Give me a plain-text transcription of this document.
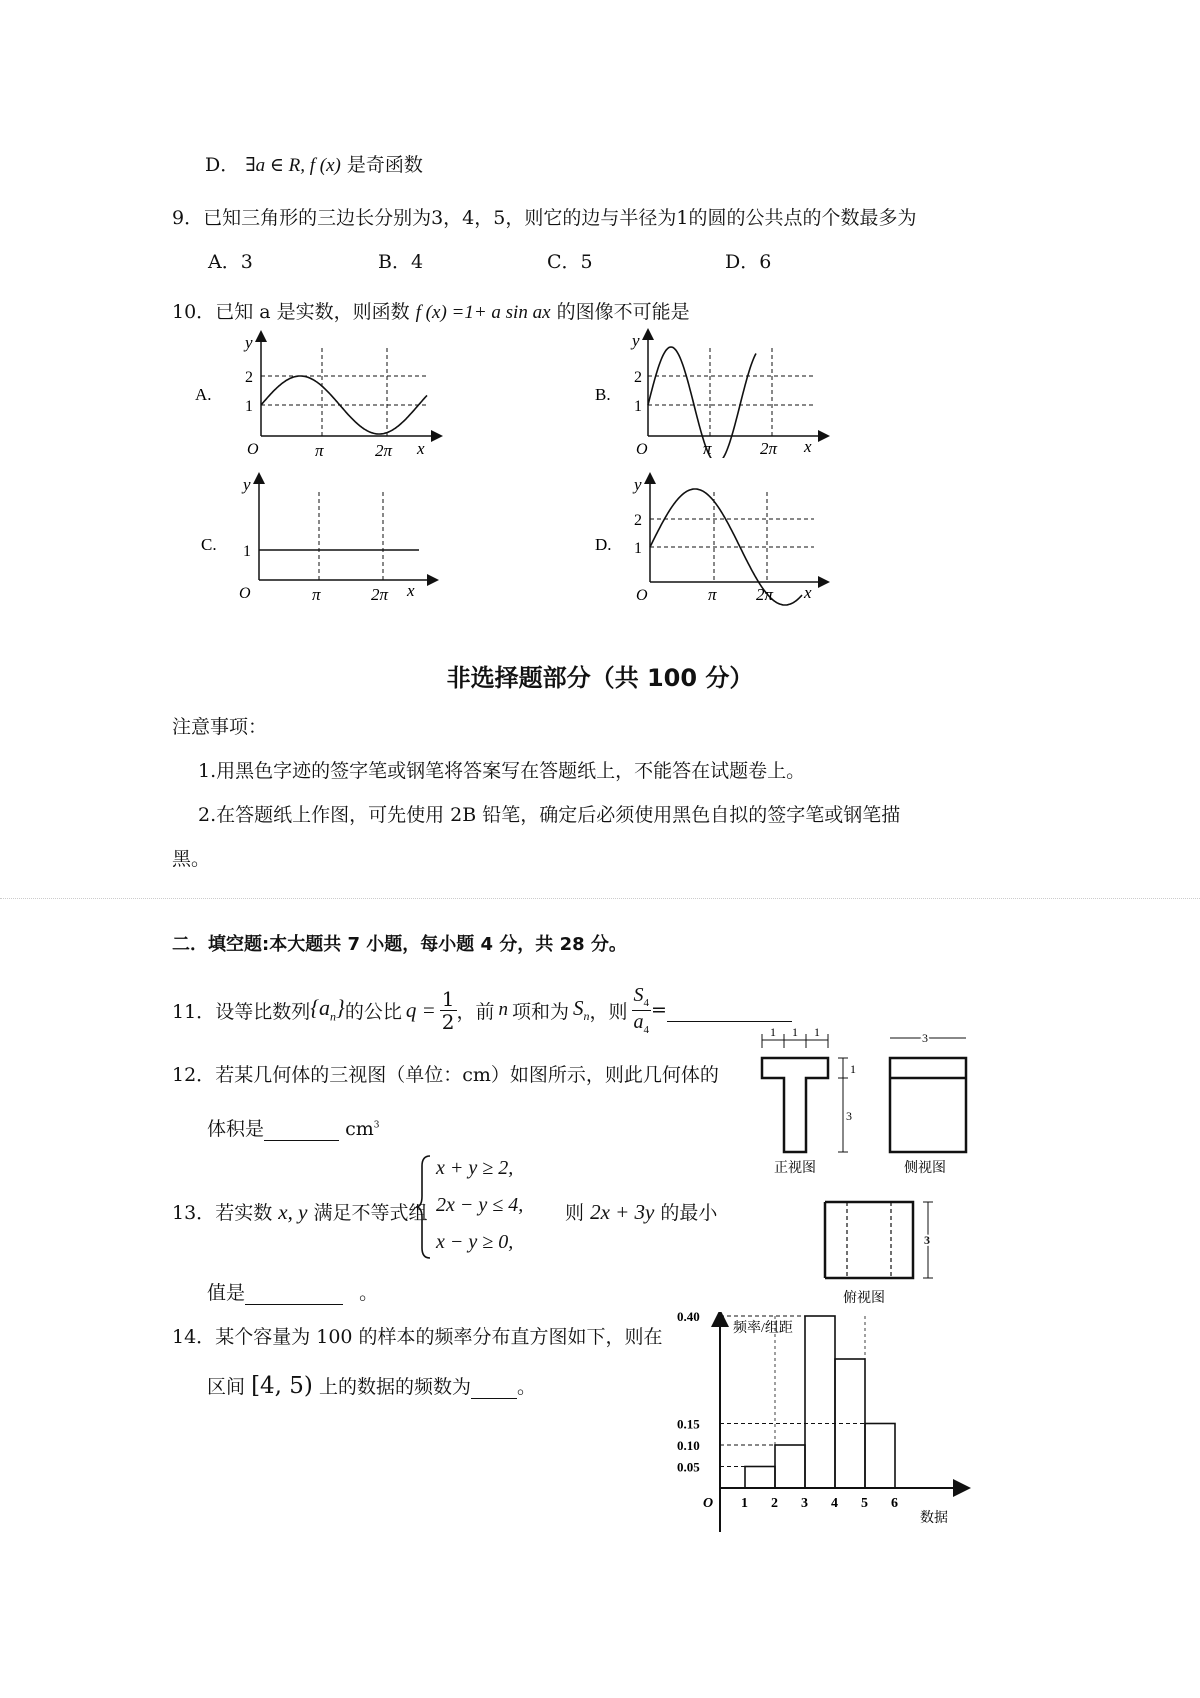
D． ∃a ∈ R, f (x) 是奇函数
9．已知三角形的三边长分别为3，4，5，则它的边与半径为1的圆的公共点的个数最多为
A．3	B．4	C．5	D．6
10．已知 a 是实数，则函数 f (x) =1+ a sin ax 的图像不可能是
A.
y
2
1
O	π	2π x
B.
y
2
1
O	π	2π x
C.
y
1
O	π	2π x
D.
y
2
1
O	π 2π x
非选择题部分（共 100 分）
注意事项：
1.用黑色字迹的签字笔或钢笔将答案写在答题纸上，不能答在试题卷上。
2.在答题纸上作图，可先使用 2B 铅笔，确定后必须使用黑色自拟的签字笔或钢笔描
黑。
二．填空题:本大题共 7 小题，每小题 4 分，共 28 分。
11． 设等比数列 $\{a_n\}$ 的公比 $q = \frac{1}{2}$ ，前 n 项和为 $S_n$ ，则 $\frac{S_4}{a_4}$ =
12．若某几何体的三视图（单位：cm）如图所示，则此几何体的
体积是	$cm^3$
1 1 1	3
1
3
3
正视图	侧视图
俯视图
13．若实数 x, y 满足不等式组
x + y ≥ 2,
2x − y ≤ 4,
x − y ≥ 0,
则 2x + 3y 的最小
值是	。
14．某个容量为 100 的样本的频率分布直方图如下，则在
区间 [4, 5) 上的数据的频数为 。
0.05
0.10
0.15
0.40
1 2 3 4 5 6
频率/组距
数据
O
